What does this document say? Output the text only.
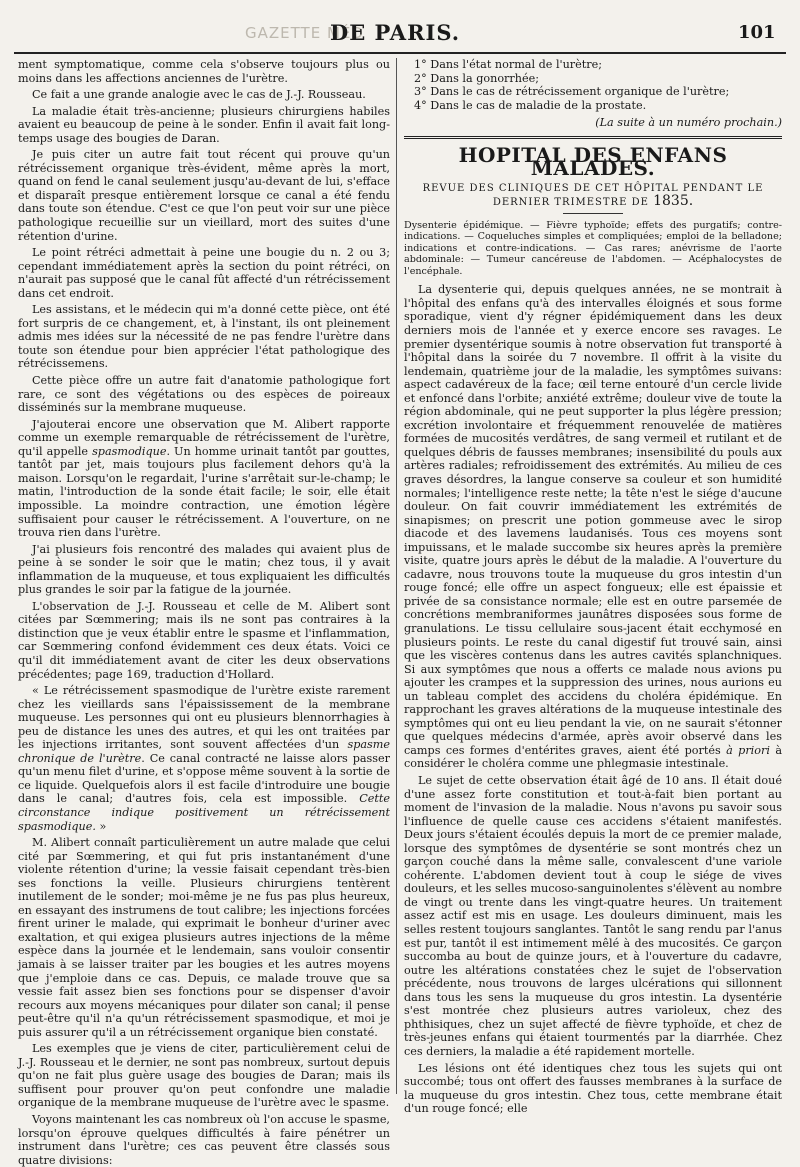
GAZETTE MÉD
DE PARIS.	101

ment symptomatique, comme cela s'observe toujours plus ou moins dans les affections anciennes de l'urètre.

Ce fait a une grande analogie avec le cas de J.-J. Rousseau.

La maladie était très-ancienne; plusieurs chirurgiens habiles avaient eu beaucoup de peine à le sonder. Enfin il avait fait long-temps usage des bougies de Daran.

Je puis citer un autre fait tout récent qui prouve qu'un rétrécissement organique très-évident, même après la mort, quand on fend le canal seulement jusqu'au-devant de lui, s'efface et disparaît presque entièrement lorsque ce canal a été fendu dans toute son étendue. C'est ce que l'on peut voir sur une pièce pathologique recueillie sur un vieillard, mort des suites d'une rétention d'urine.

Le point rétréci admettait à peine une bougie du n. 2 ou 3; cependant immédiatement après la section du point rétréci, on n'aurait pas supposé que le canal fût affecté d'un rétrécissement dans cet endroit.

Les assistans, et le médecin qui m'a donné cette pièce, ont été fort surpris de ce changement, et, à l'instant, ils ont pleinement admis mes idées sur la nécessité de ne pas fendre l'urètre dans toute son étendue pour bien apprécier l'état pathologique des rétrécissemens.

Cette pièce offre un autre fait d'anatomie pathologique fort rare, ce sont des végétations ou des espèces de poireaux disséminés sur la membrane muqueuse.

J'ajouterai encore une observation que M. Alibert rapporte comme un exemple remarquable de rétrécissement de l'urètre, qu'il appelle spasmodique. Un homme urinait tantôt par gouttes, tantôt par jet, mais toujours plus facilement dehors qu'à la maison. Lorsqu'on le regardait, l'urine s'arrêtait sur-le-champ; le matin, l'introduction de la sonde était facile; le soir, elle était impossible. La moindre contraction, une émotion légère suffisaient pour causer le rétrécissement. A l'ouverture, on ne trouva rien dans l'urètre.

J'ai plusieurs fois rencontré des malades qui avaient plus de peine à se sonder le soir que le matin; chez tous, il y avait inflammation de la muqueuse, et tous expliquaient les difficultés plus grandes le soir par la fatigue de la journée.

L'observation de J.-J. Rousseau et celle de M. Alibert sont citées par Sœmmering; mais ils ne sont pas contraires à la distinction que je veux établir entre le spasme et l'inflammation, car Sœmmering confond évidemment ces deux états. Voici ce qu'il dit immédiatement avant de citer les deux observations précédentes; page 169, traduction d'Hollard.

« Le rétrécissement spasmodique de l'urètre existe rarement chez les vieillards sans l'épaississement de la membrane muqueuse. Les personnes qui ont eu plusieurs blennorrhagies à peu de distance les unes des autres, et qui les ont traitées par les injections irritantes, sont souvent affectées d'un spasme chronique de l'urètre. Ce canal contracté ne laisse alors passer qu'un menu filet d'urine, et s'oppose même souvent à la sortie de ce liquide. Quelquefois alors il est facile d'introduire une bougie dans le canal; d'autres fois, cela est impossible. Cette circonstance indique positivement un rétrécissement spasmodique. »

M. Alibert connaît particulièrement un autre malade que celui cité par Sœmmering, et qui fut pris instantanément d'une violente rétention d'urine; la vessie faisait cependant très-bien ses fonctions la veille. Plusieurs chirurgiens tentèrent inutilement de le sonder; moi-même je ne fus pas plus heureux, en essayant des instrumens de tout calibre; les injections forcées firent uriner le malade, qui exprimait le bonheur d'uriner avec exaltation, et qui exigea plusieurs autres injections de la même espèce dans la journée et le lendemain, sans vouloir consentir jamais à se laisser traiter par les bougies et les autres moyens que j'emploie dans ce cas. Depuis, ce malade trouve que sa vessie fait assez bien ses fonctions pour se dispenser d'avoir recours aux moyens mécaniques pour dilater son canal; il pense peut-être qu'il n'a qu'un rétrécissement spasmodique, et moi je puis assurer qu'il a un rétrécissement organique bien constaté.

Les exemples que je viens de citer, particulièrement celui de J.-J. Rousseau et le dernier, ne sont pas nombreux, surtout depuis qu'on ne fait plus guère usage des bougies de Daran; mais ils suffisent pour prouver qu'on peut confondre une maladie organique de la membrane muqueuse de l'urètre avec le spasme.

Voyons maintenant les cas nombreux où l'on accuse le spasme, lorsqu'on éprouve quelques difficultés à faire pénétrer un instrument dans l'urètre; ces cas peuvent être classés sous quatre divisions:

1° Dans l'état normal de l'urètre;
2° Dans la gonorrhée;
3° Dans le cas de rétrécissement organique de l'urètre;
4° Dans le cas de maladie de la prostate.

(La suite à un numéro prochain.)

HOPITAL DES ENFANS MALADES.
REVUE DES CLINIQUES DE CET HÔPITAL PENDANT LE DERNIER TRIMESTRE DE 1835.

Dysenterie épidémique. — Fièvre typhoïde; effets des purgatifs; contre-indications. — Coqueluches simples et compliquées; emploi de la belladone; indications et contre-indications. — Cas rares; anévrisme de l'aorte abdominale: — Tumeur cancéreuse de l'abdomen. — Acéphalocystes de l'encéphale.

La dysenterie qui, depuis quelques années, ne se montrait à l'hôpital des enfans qu'à des intervalles éloignés et sous forme sporadique, vient d'y régner épidémiquement dans les deux derniers mois de l'année et y exerce encore ses ravages. Le premier dysentérique soumis à notre observation fut transporté à l'hôpital dans la soirée du 7 novembre. Il offrit à la visite du lendemain, quatrième jour de la maladie, les symptômes suivans: aspect cadavéreux de la face; œil terne entouré d'un cercle livide et enfoncé dans l'orbite; anxiété extrême; douleur vive de toute la région abdominale, qui ne peut supporter la plus légère pression; excrétion involontaire et fréquemment renouvelée de matières formées de mucosités verdâtres, de sang vermeil et rutilant et de quelques débris de fausses membranes; insensibilité du pouls aux artères radiales; refroidissement des extrémités. Au milieu de ces graves désordres, la langue conserve sa couleur et son humidité normales; l'intelligence reste nette; la tête n'est le siége d'aucune douleur. On fait couvrir immédiatement les extrémités de sinapismes; on prescrit une potion gommeuse avec le sirop diacode et des lavemens laudanisés. Tous ces moyens sont impuissans, et le malade succombe six heures après la première visite, quatre jours après le début de la maladie. A l'ouverture du cadavre, nous trouvons toute la muqueuse du gros intestin d'un rouge foncé; elle offre un aspect fongueux; elle est épaissie et privée de sa consistance normale; elle est en outre parsemée de concrétions membraniformes jaunâtres disposées sous forme de granulations. Le tissu cellulaire sous-jacent était ecchymosé en plusieurs points. Le reste du canal digestif fut trouvé sain, ainsi que les viscères contenus dans les autres cavités splanchniques. Si aux symptômes que nous a offerts ce malade nous avions pu ajouter les crampes et la suppression des urines, nous aurions eu un tableau complet des accidens du choléra épidémique. En rapprochant les graves altérations de la muqueuse intestinale des symptômes qui ont eu lieu pendant la vie, on ne saurait s'étonner que quelques médecins d'armée, après avoir observé dans les camps ces formes d'entérites graves, aient été portés à priori à considérer le choléra comme une phlegmasie intestinale.

Le sujet de cette observation était âgé de 10 ans. Il était doué d'une assez forte constitution et tout-à-fait bien portant au moment de l'invasion de la maladie. Nous n'avons pu savoir sous l'influence de quelle cause ces accidens s'étaient manifestés. Deux jours s'étaient écoulés depuis la mort de ce premier malade, lorsque des symptômes de dysentérie se sont montrés chez un garçon couché dans la même salle, convalescent d'une variole cohérente. L'abdomen devient tout à coup le siége de vives douleurs, et les selles mucoso-sanguinolentes s'élèvent au nombre de vingt ou trente dans les vingt-quatre heures. Un traitement assez actif est mis en usage. Les douleurs diminuent, mais les selles restent toujours sanglantes. Tantôt le sang rendu par l'anus est pur, tantôt il est intimement mêlé à des mucosités. Ce garçon succomba au bout de quinze jours, et à l'ouverture du cadavre, outre les altérations constatées chez le sujet de l'observation précédente, nous trouvons de larges ulcérations qui sillonnent dans tous les sens la muqueuse du gros intestin. La dysentérie s'est montrée chez plusieurs autres varioleux, chez des phthisiques, chez un sujet affecté de fièvre typhoïde, et chez de très-jeunes enfans qui étaient tourmentés par la diarrhée. Chez ces derniers, la maladie a été rapidement mortelle.

Les lésions ont été identiques chez tous les sujets qui ont succombé; tous ont offert des fausses membranes à la surface de la muqueuse du gros intestin. Chez tous, cette membrane était d'un rouge foncé; elle
